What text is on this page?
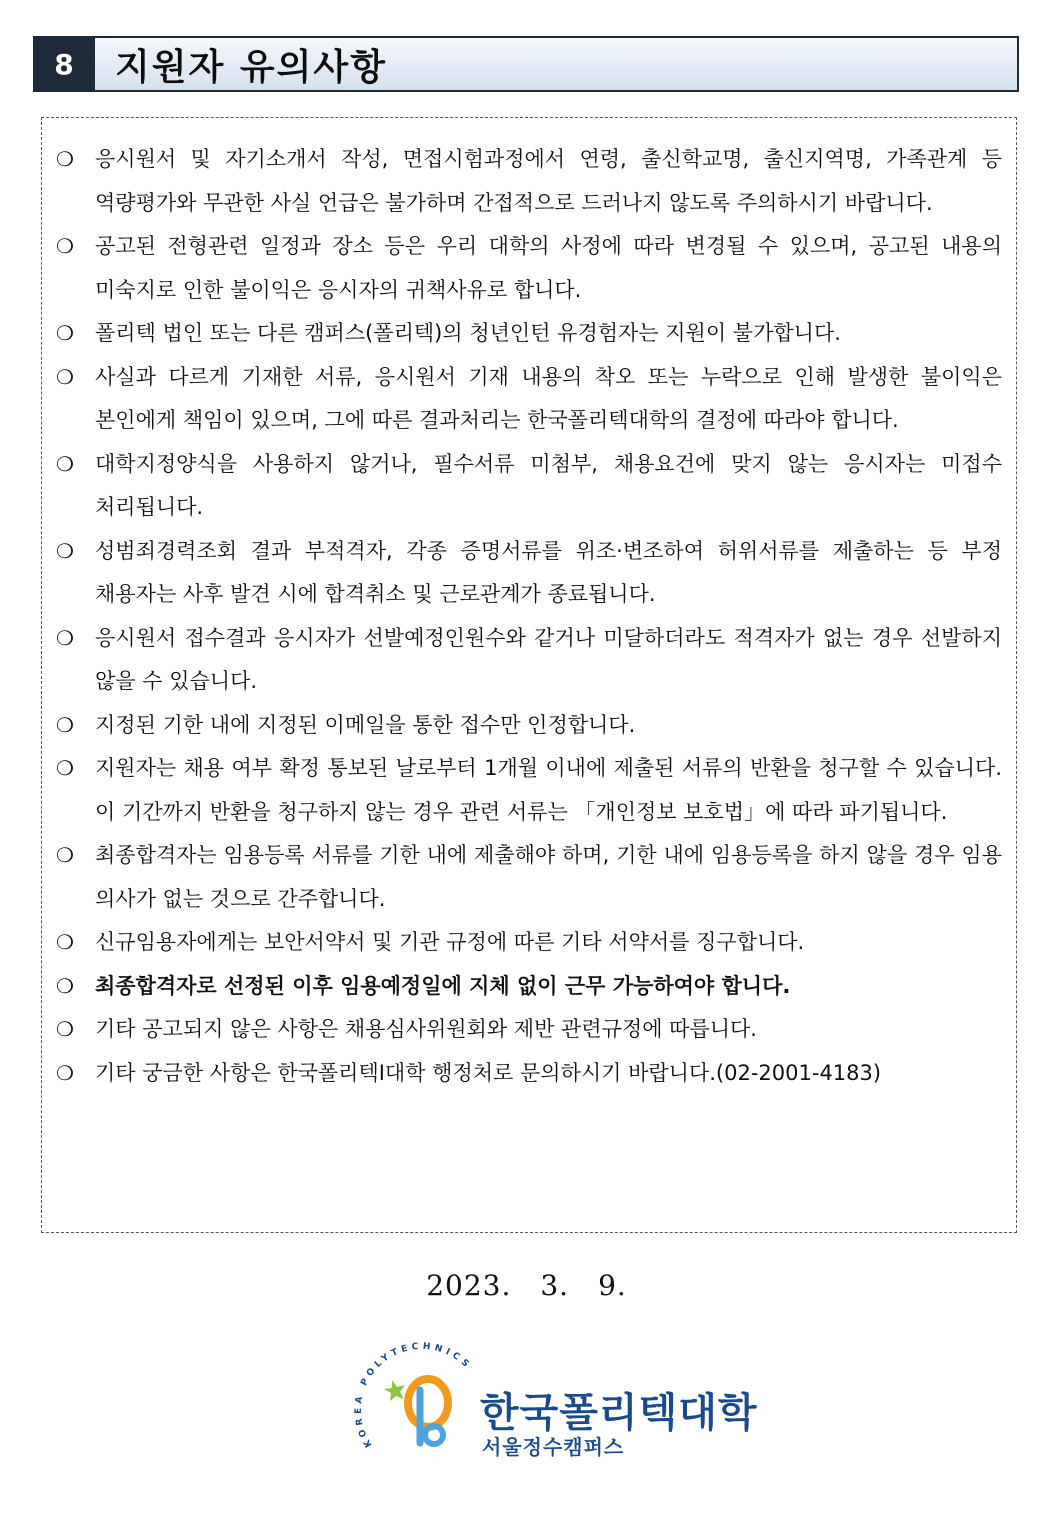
8	지원자 유의사항
❍	응시원서 및 자기소개서 작성, 면접시험과정에서 연령, 출신학교명, 출신지역명, 가족관계 등 역량평가와 무관한 사실 언급은 불가하며 간접적으로 드러나지 않도록 주의하시기 바랍니다.
❍	공고된 전형관련 일정과 장소 등은 우리 대학의 사정에 따라 변경될 수 있으며, 공고된 내용의 미숙지로 인한 불이익은 응시자의 귀책사유로 합니다.
❍	폴리텍 법인 또는 다른 캠퍼스(폴리텍)의 청년인턴 유경험자는 지원이 불가합니다.
❍	사실과 다르게 기재한 서류, 응시원서 기재 내용의 착오 또는 누락으로 인해 발생한 불이익은 본인에게 책임이 있으며, 그에 따른 결과처리는 한국폴리텍대학의 결정에 따라야 합니다.
❍	대학지정양식을 사용하지 않거나, 필수서류 미첨부, 채용요건에 맞지 않는 응시자는 미접수 처리됩니다.
❍	성범죄경력조회 결과 부적격자, 각종 증명서류를 위조·변조하여 허위서류를 제출하는 등 부정 채용자는 사후 발견 시에 합격취소 및 근로관계가 종료됩니다.
❍	응시원서 접수결과 응시자가 선발예정인원수와 같거나 미달하더라도 적격자가 없는 경우 선발하지 않을 수 있습니다.
❍	지정된 기한 내에 지정된 이메일을 통한 접수만 인정합니다.
❍	지원자는 채용 여부 확정 통보된 날로부터 1개월 이내에 제출된 서류의 반환을 청구할 수 있습니다. 이 기간까지 반환을 청구하지 않는 경우 관련 서류는 「개인정보 보호법」에 따라 파기됩니다.
❍	최종합격자는 임용등록 서류를 기한 내에 제출해야 하며, 기한 내에 임용등록을 하지 않을 경우 임용 의사가 없는 것으로 간주합니다.
❍	신규임용자에게는 보안서약서 및 기관 규정에 따른 기타 서약서를 징구합니다.
❍	최종합격자로 선정된 이후 임용예정일에 지체 없이 근무 가능하여야 합니다.
❍	기타 공고되지 않은 사항은 채용심사위원회와 제반 관련규정에 따릅니다.
❍	기타 궁금한 사항은 한국폴리텍I대학 행정처로 문의하시기 바랍니다.(02-2001-4183)
2023.　3.　9.
KOREA POLYTECHNICS
한국폴리텍대학
서울정수캠퍼스
